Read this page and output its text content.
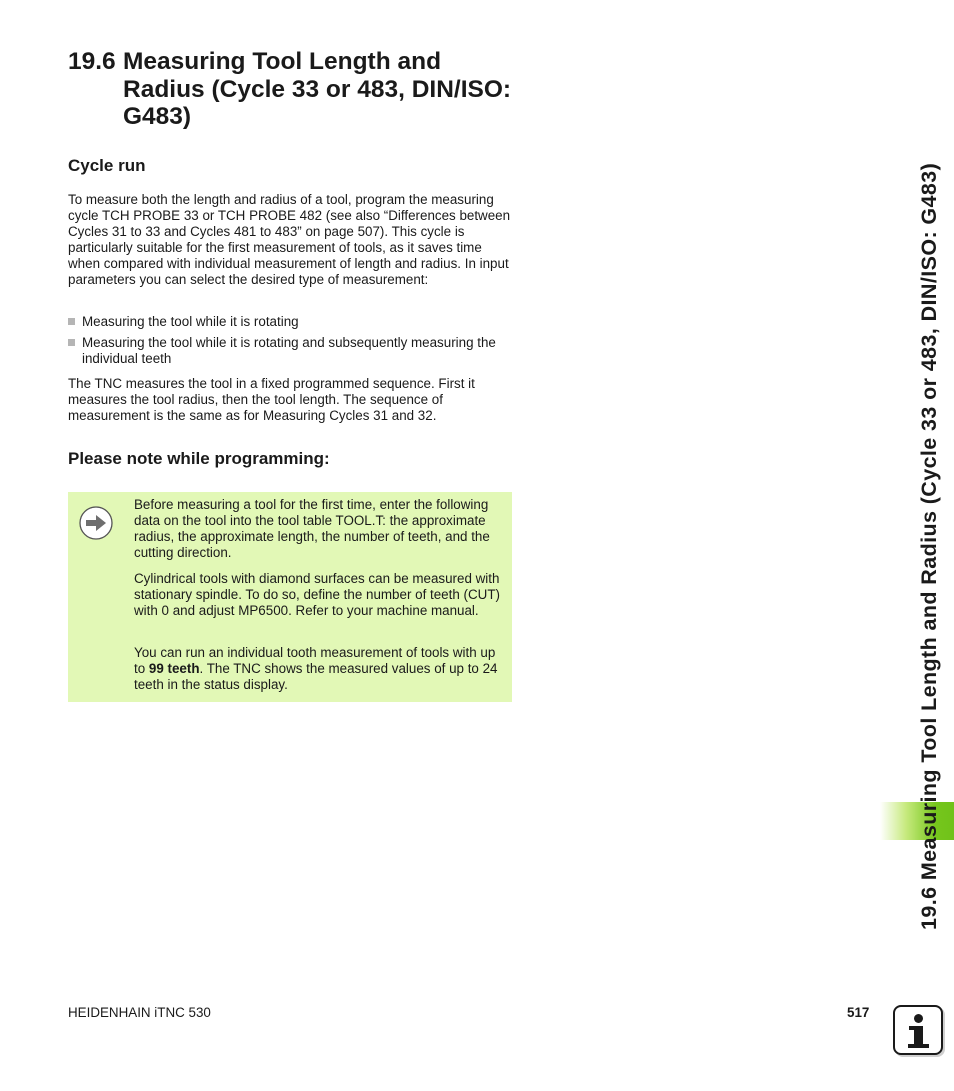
19.6 Measuring Tool Length and Radius (Cycle 33 or 483, DIN/ISO: G483)
Cycle run

To measure both the length and radius of a tool, program the measuring cycle TCH PROBE 33 or TCH PROBE 482 (see also “Differences between Cycles 31 to 33 and Cycles 481 to 483” on page 507). This cycle is particularly suitable for the first measurement of tools, as it saves time when compared with individual measurement of length and radius. In input parameters you can select the desired type of measurement:

Measuring the tool while it is rotating
Measuring the tool while it is rotating and subsequently measuring the individual teeth

The TNC measures the tool in a fixed programmed sequence. First it measures the tool radius, then the tool length. The sequence of measurement is the same as for Measuring Cycles 31 and 32.

Please note while programming:

Before measuring a tool for the first time, enter the following data on the tool into the tool table TOOL.T: the approximate radius, the approximate length, the number of teeth, and the cutting direction.

Cylindrical tools with diamond surfaces can be measured with stationary spindle. To do so, define the number of teeth (CUT) with 0 and adjust MP6500. Refer to your machine manual.

You can run an individual tooth measurement of tools with up to 99 teeth. The TNC shows the measured values of up to 24 teeth in the status display.	19.6 Measuring Tool Length and Radius (Cycle 33 or 483, DIN/ISO: G483)
HEIDENHAIN iTNC 530	517
